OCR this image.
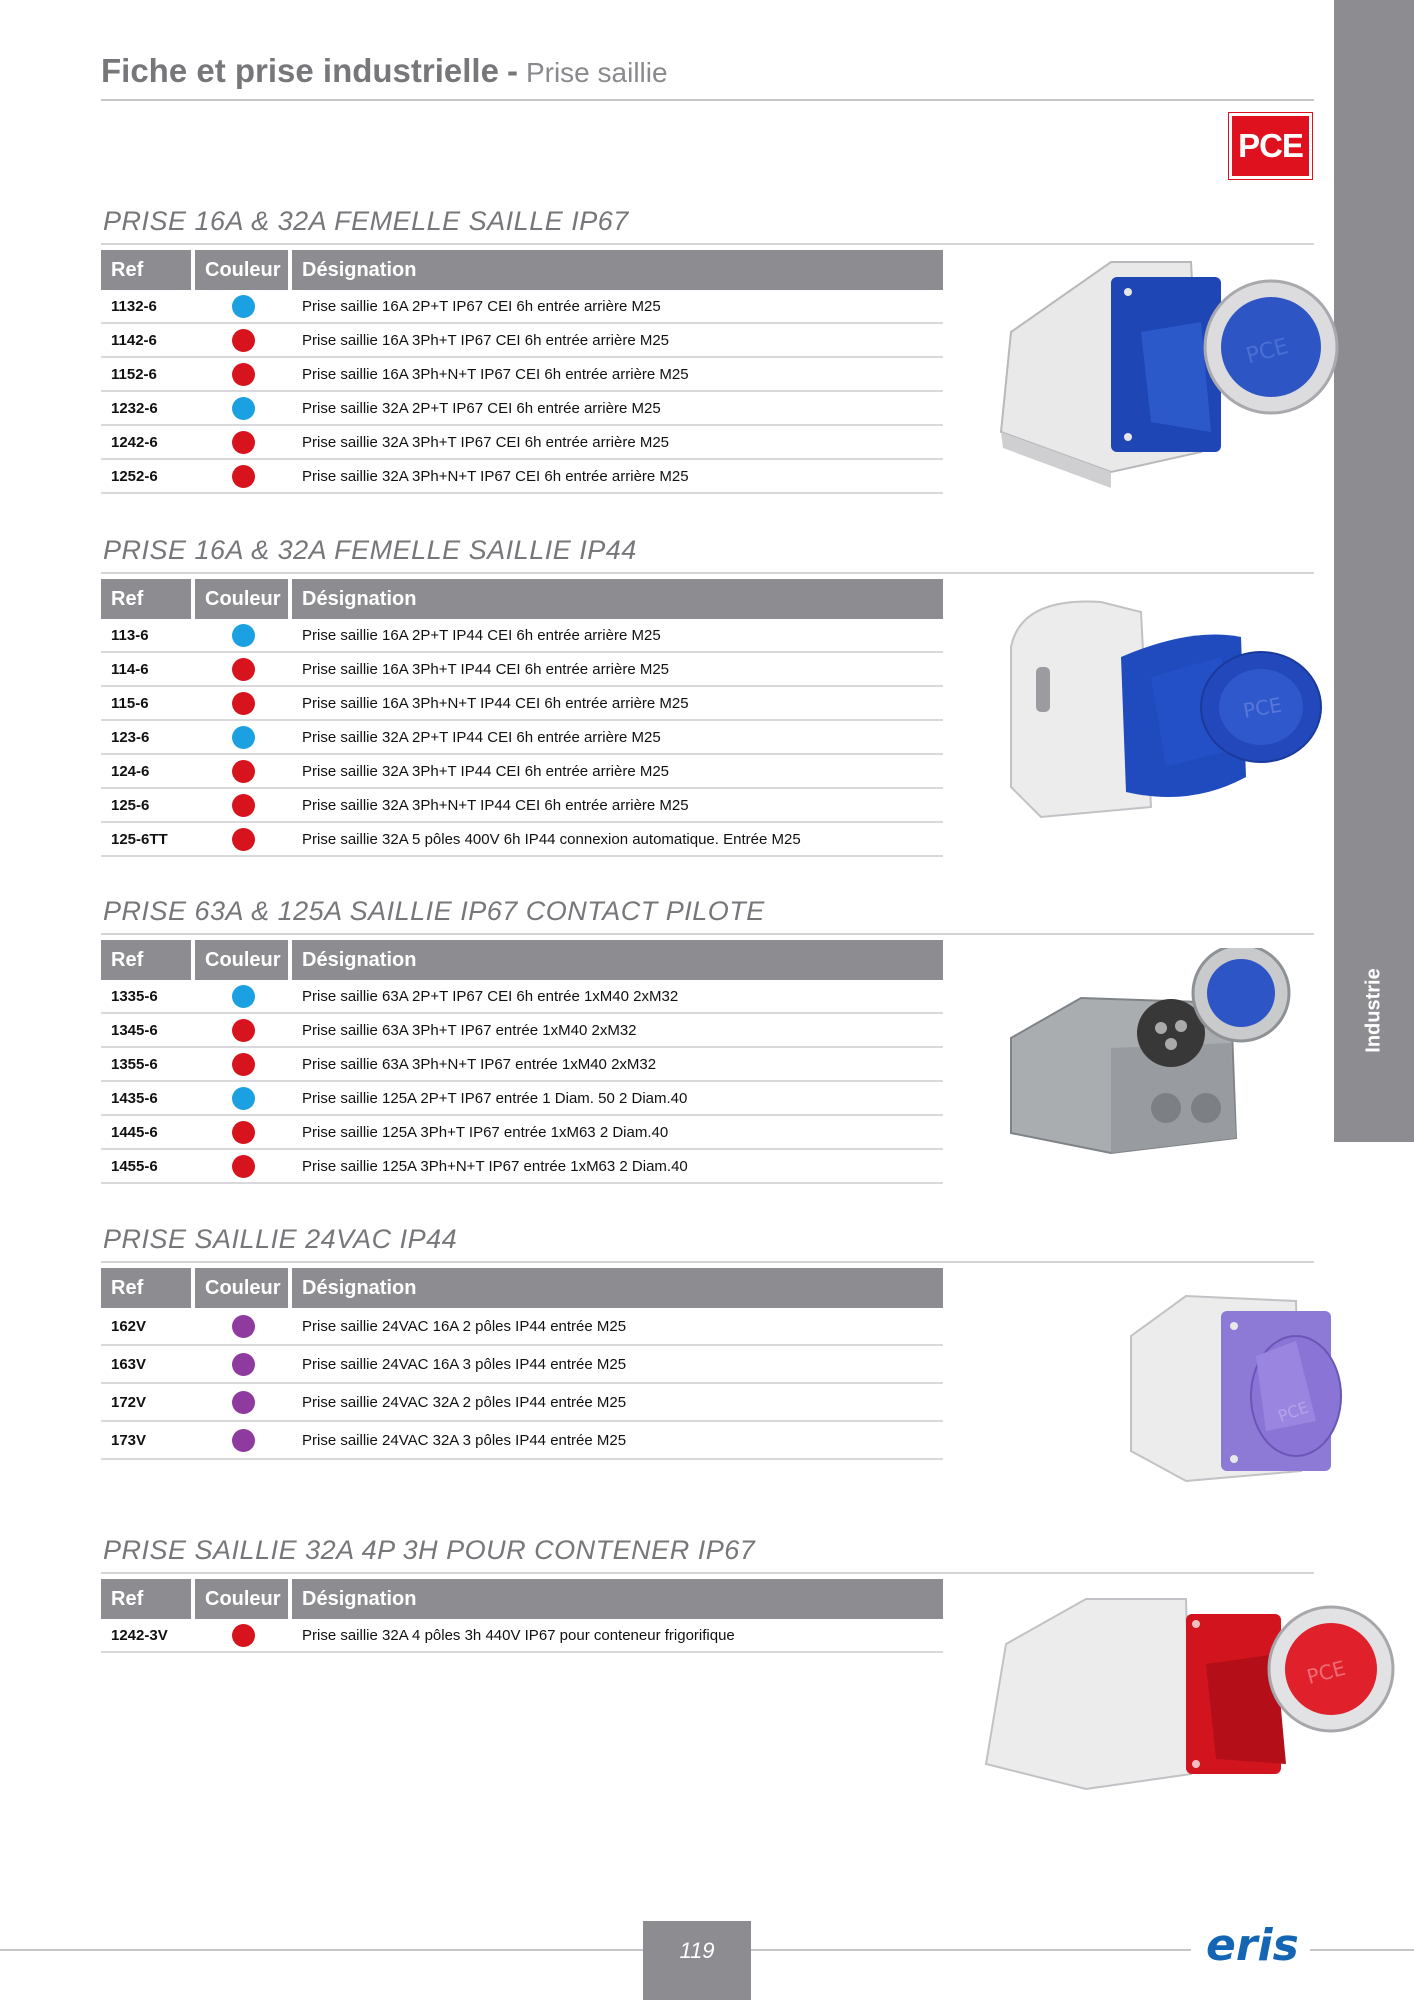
Industrie
Fiche et prise industrielle - Prise saillie
PCE
PRISE 16A & 32A FEMELLE SAILLE IP67
Ref	Couleur	Désignation
1132-6	Prise saillie 16A 2P+T IP67 CEI 6h entrée arrière M25
1142-6	Prise saillie 16A 3Ph+T IP67 CEI 6h entrée arrière M25
1152-6	Prise saillie 16A 3Ph+N+T IP67 CEI 6h entrée arrière M25
1232-6	Prise saillie 32A 2P+T IP67 CEI 6h entrée arrière M25
1242-6	Prise saillie 32A 3Ph+T IP67 CEI 6h entrée arrière M25
1252-6	Prise saillie 32A 3Ph+N+T IP67 CEI 6h entrée arrière M25
PCE
PRISE 16A & 32A FEMELLE SAILLIE IP44
Ref	Couleur	Désignation
113-6	Prise saillie 16A 2P+T IP44 CEI 6h entrée arrière M25
114-6	Prise saillie 16A 3Ph+T IP44 CEI 6h entrée arrière M25
115-6	Prise saillie 16A 3Ph+N+T IP44 CEI 6h entrée arrière M25
123-6	Prise saillie 32A 2P+T IP44 CEI 6h entrée arrière M25
124-6	Prise saillie 32A 3Ph+T IP44 CEI 6h entrée arrière M25
125-6	Prise saillie 32A 3Ph+N+T IP44 CEI 6h entrée arrière M25
125-6TT	Prise saillie 32A 5 pôles 400V 6h IP44 connexion automatique. Entrée M25
PCE
PRISE 63A & 125A SAILLIE IP67 CONTACT PILOTE
Ref	Couleur	Désignation
1335-6	Prise saillie 63A 2P+T IP67 CEI 6h entrée 1xM40 2xM32
1345-6	Prise saillie 63A 3Ph+T IP67 entrée 1xM40 2xM32
1355-6	Prise saillie 63A 3Ph+N+T IP67 entrée 1xM40 2xM32
1435-6	Prise saillie 125A 2P+T IP67 entrée 1 Diam. 50 2 Diam.40
1445-6	Prise saillie 125A 3Ph+T IP67 entrée 1xM63 2 Diam.40
1455-6	Prise saillie 125A 3Ph+N+T IP67 entrée 1xM63 2 Diam.40
PRISE SAILLIE 24VAC IP44
Ref	Couleur	Désignation
162V	Prise saillie 24VAC 16A 2 pôles IP44 entrée M25
163V	Prise saillie 24VAC 16A 3 pôles IP44 entrée M25
172V	Prise saillie 24VAC 32A 2 pôles IP44 entrée M25
173V	Prise saillie 24VAC 32A 3 pôles IP44 entrée M25
PCE
PRISE SAILLIE 32A 4P 3H POUR CONTENER IP67
Ref	Couleur	Désignation
1242-3V	Prise saillie 32A 4 pôles 3h 440V IP67 pour conteneur frigorifique
PCE
119	eris
